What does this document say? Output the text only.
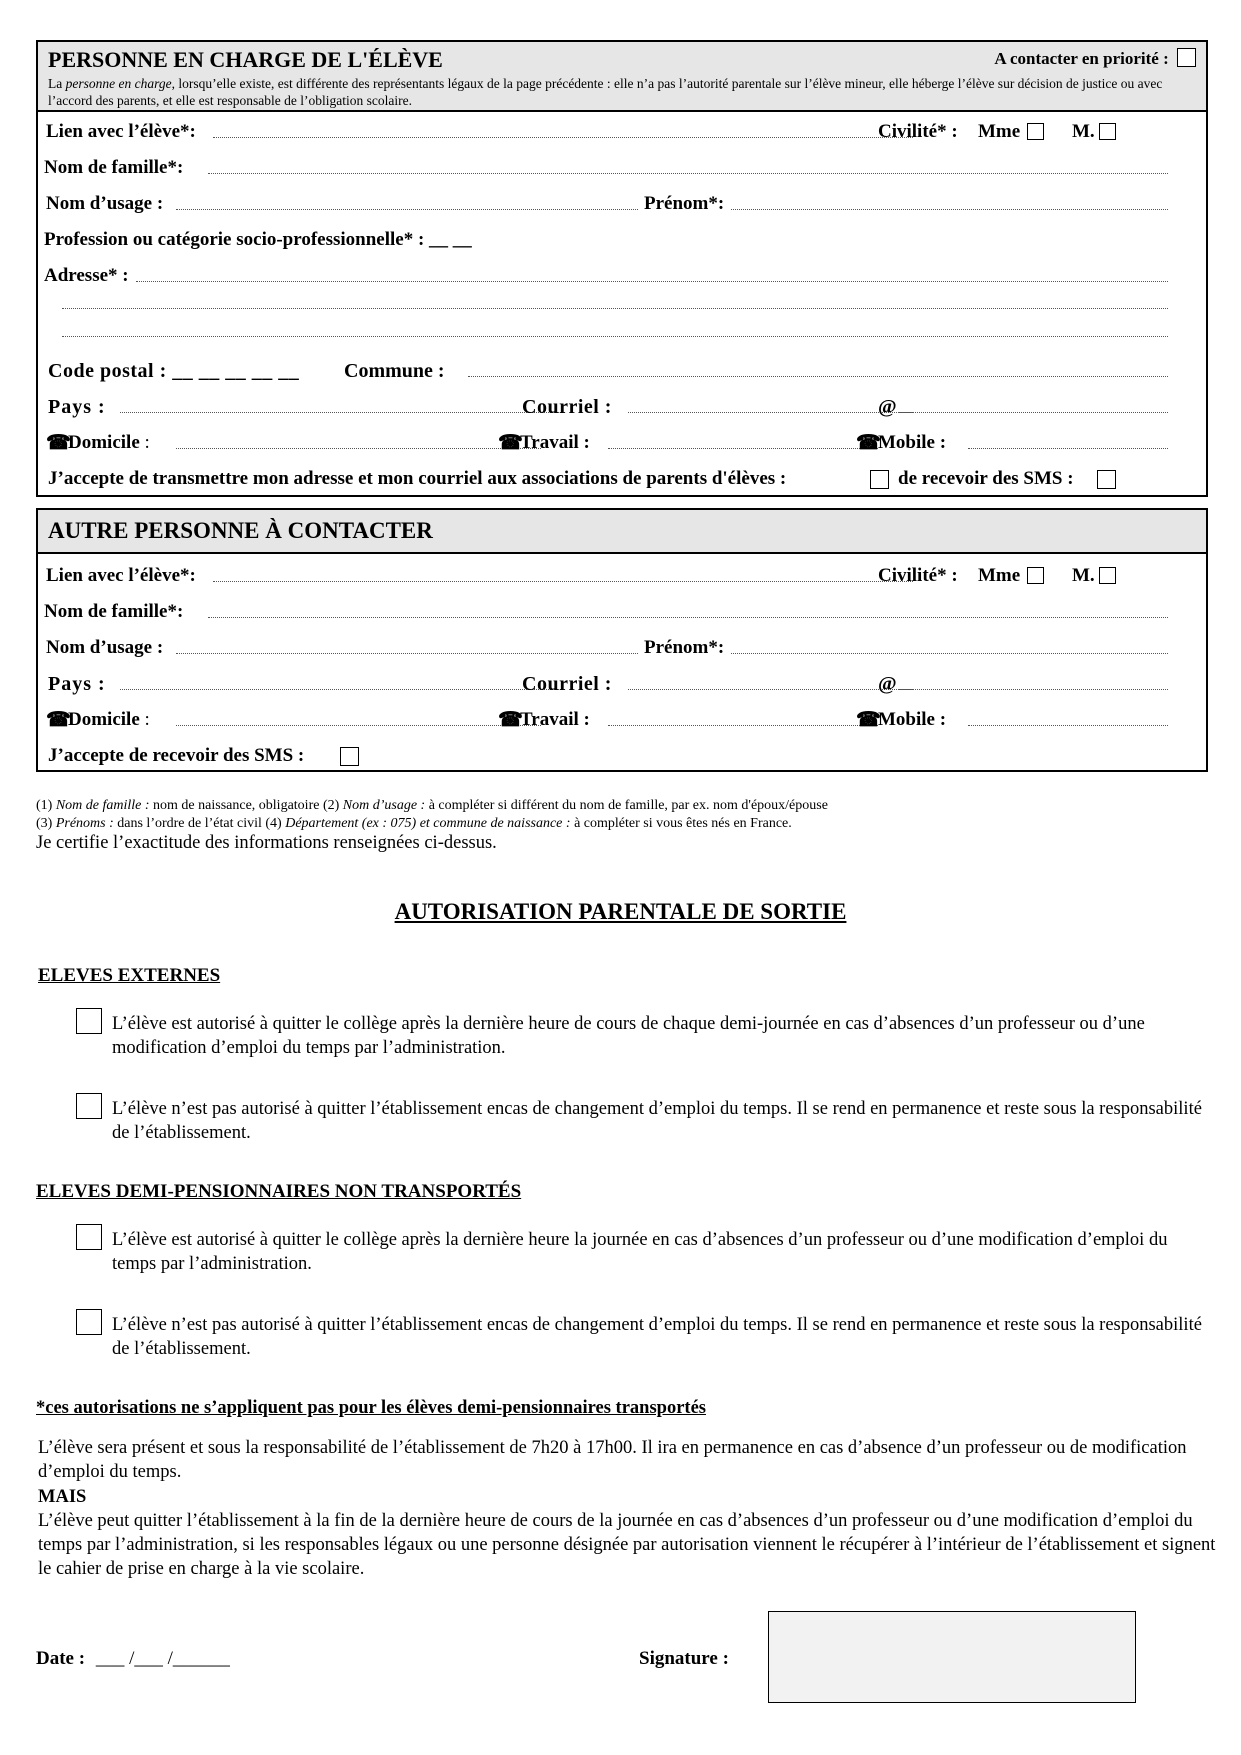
PERSONNE EN CHARGE DE L'ÉLÈVE	A contacter en priorité :
La personne en charge, lorsqu’elle existe, est différente des représentants légaux de la page précédente : elle n’a pas l’autorité parentale sur l’élève mineur, elle héberge l’élève sur décision de justice ou avec l’accord des parents, et elle est responsable de l’obligation scolaire.
Lien avec l’élève*:	Civilité* : Mme	M.
Nom de famille*:
Nom d’usage :	Prénom*:
Profession ou catégorie socio-professionnelle* : __ __
Adresse* :
Code postal : __ __ __ __ __ Commune :
Pays :	Courriel :	@
☎
Domicile :	☎
Travail :	☎
Mobile :
J’accepte de transmettre mon adresse et mon courriel aux associations de parents d'élèves :	de recevoir des SMS :
AUTRE PERSONNE À CONTACTER
Lien avec l’élève*:	Civilité* : Mme	M.
Nom de famille*:
Nom d’usage :	Prénom*:
Pays :	Courriel :	@
☎
Domicile :	☎
Travail :	☎
Mobile :
J’accepte de recevoir des SMS :
(1) Nom de famille : nom de naissance, obligatoire (2) Nom d’usage : à compléter si différent du nom de famille, par ex. nom d'époux/épouse
(3) Prénoms : dans l’ordre de l’état civil (4) Département (ex : 075) et commune de naissance : à compléter si vous êtes nés en France.
Je certifie l’exactitude des informations renseignées ci-dessus.
AUTORISATION PARENTALE DE SORTIE
ELEVES EXTERNES
L’élève est autorisé à quitter le collège après la dernière heure de cours de chaque demi-journée en cas d’absences d’un professeur ou d’une modification d’emploi du temps par l’administration.
L’élève n’est pas autorisé à quitter l’établissement encas de changement d’emploi du temps. Il se rend en permanence et reste sous la responsabilité de l’établissement.
ELEVES DEMI-PENSIONNAIRES NON TRANSPORTÉS
L’élève est autorisé à quitter le collège après la dernière heure la journée en cas d’absences d’un professeur ou d’une modification d’emploi du temps par l’administration.
L’élève n’est pas autorisé à quitter l’établissement encas de changement d’emploi du temps. Il se rend en permanence et reste sous la responsabilité de l’établissement.
*ces autorisations ne s’appliquent pas pour les élèves demi-pensionnaires transportés
L’élève sera présent et sous la responsabilité de l’établissement de 7h20 à 17h00. Il ira en permanence en cas d’absence d’un professeur ou de modification d’emploi du temps.
MAIS
L’élève peut quitter l’établissement à la fin de la dernière heure de cours de la journée en cas d’absences d’un professeur ou d’une modification d’emploi du temps par l’administration, si les responsables légaux ou une personne désignée par autorisation viennent le récupérer à l’intérieur de l’établissement et signent le cahier de prise en charge à la vie scolaire.
Date : ___ /___ /______	Signature :
